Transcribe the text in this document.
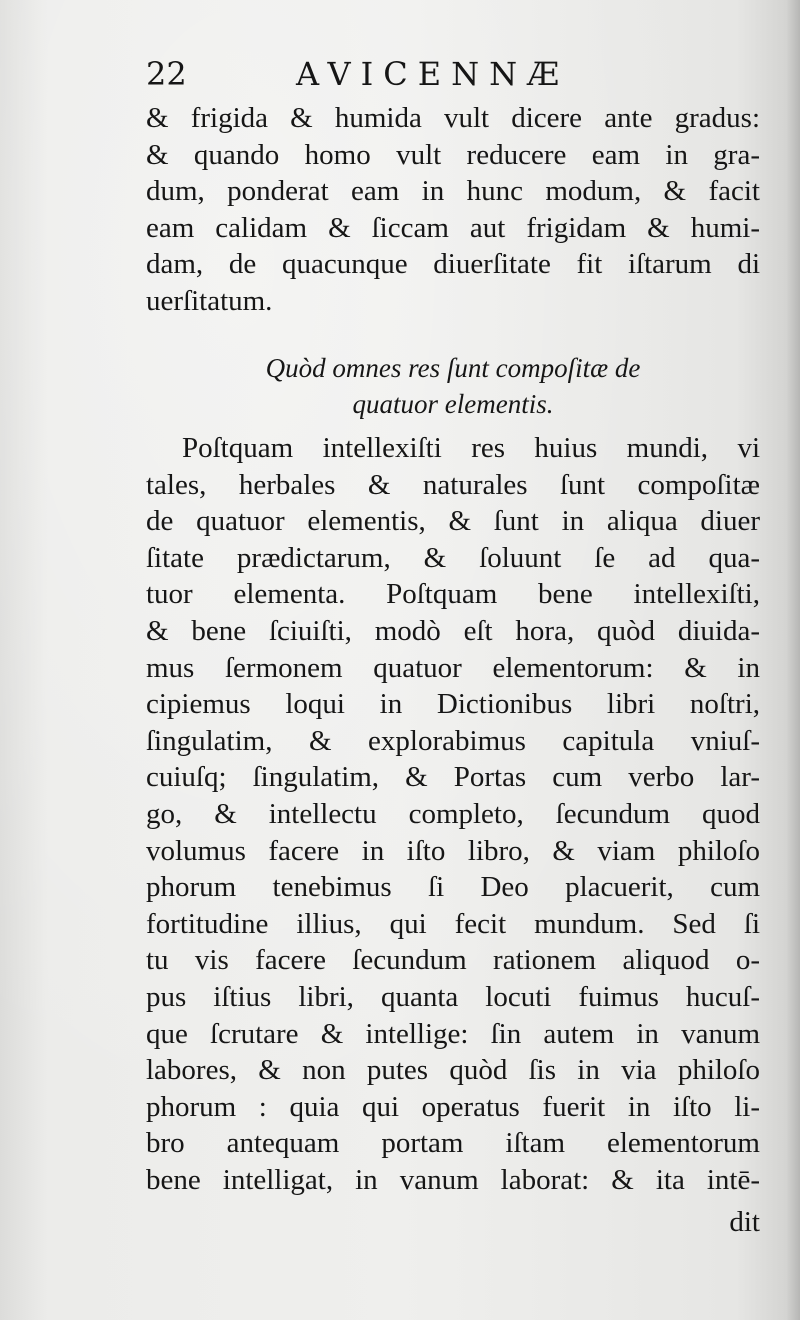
22	AVICENNÆ
& frigida & humida vult dicere ante gradus:
& quando homo vult reducere eam in gra-
dum, ponderat eam in hunc modum, & facit
eam calidam & ſiccam aut frigidam & humi-
dam, de quacunque diuerſitate fit iſtarum di
uerſitatum.
Quòd omnes res ſunt compoſitæ de
quatuor elementis.
Poſtquam intellexiſti res huius mundi, vi
tales, herbales & naturales ſunt compoſitæ
de quatuor elementis, & ſunt in aliqua diuer
ſitate prædictarum, & ſoluunt ſe ad qua-
tuor elementa. Poſtquam bene intellexiſti,
& bene ſciuiſti, modò eſt hora, quòd diuida-
mus ſermonem quatuor elementorum: & in
cipiemus loqui in Dictionibus libri noſtri,
ſingulatim, & explorabimus capitula vniuſ-
cuiuſq; ſingulatim, & Portas cum verbo lar-
go, & intellectu completo, ſecundum quod
volumus facere in iſto libro, & viam philoſo
phorum tenebimus ſi Deo placuerit, cum
fortitudine illius, qui fecit mundum. Sed ſi
tu vis facere ſecundum rationem aliquod o-
pus iſtius libri, quanta locuti fuimus hucuſ-
que ſcrutare & intellige: ſin autem in vanum
labores, & non putes quòd ſis in via philoſo
phorum : quia qui operatus fuerit in iſto li-
bro antequam portam iſtam elementorum
bene intelligat, in vanum laborat: & ita intē-
dit
